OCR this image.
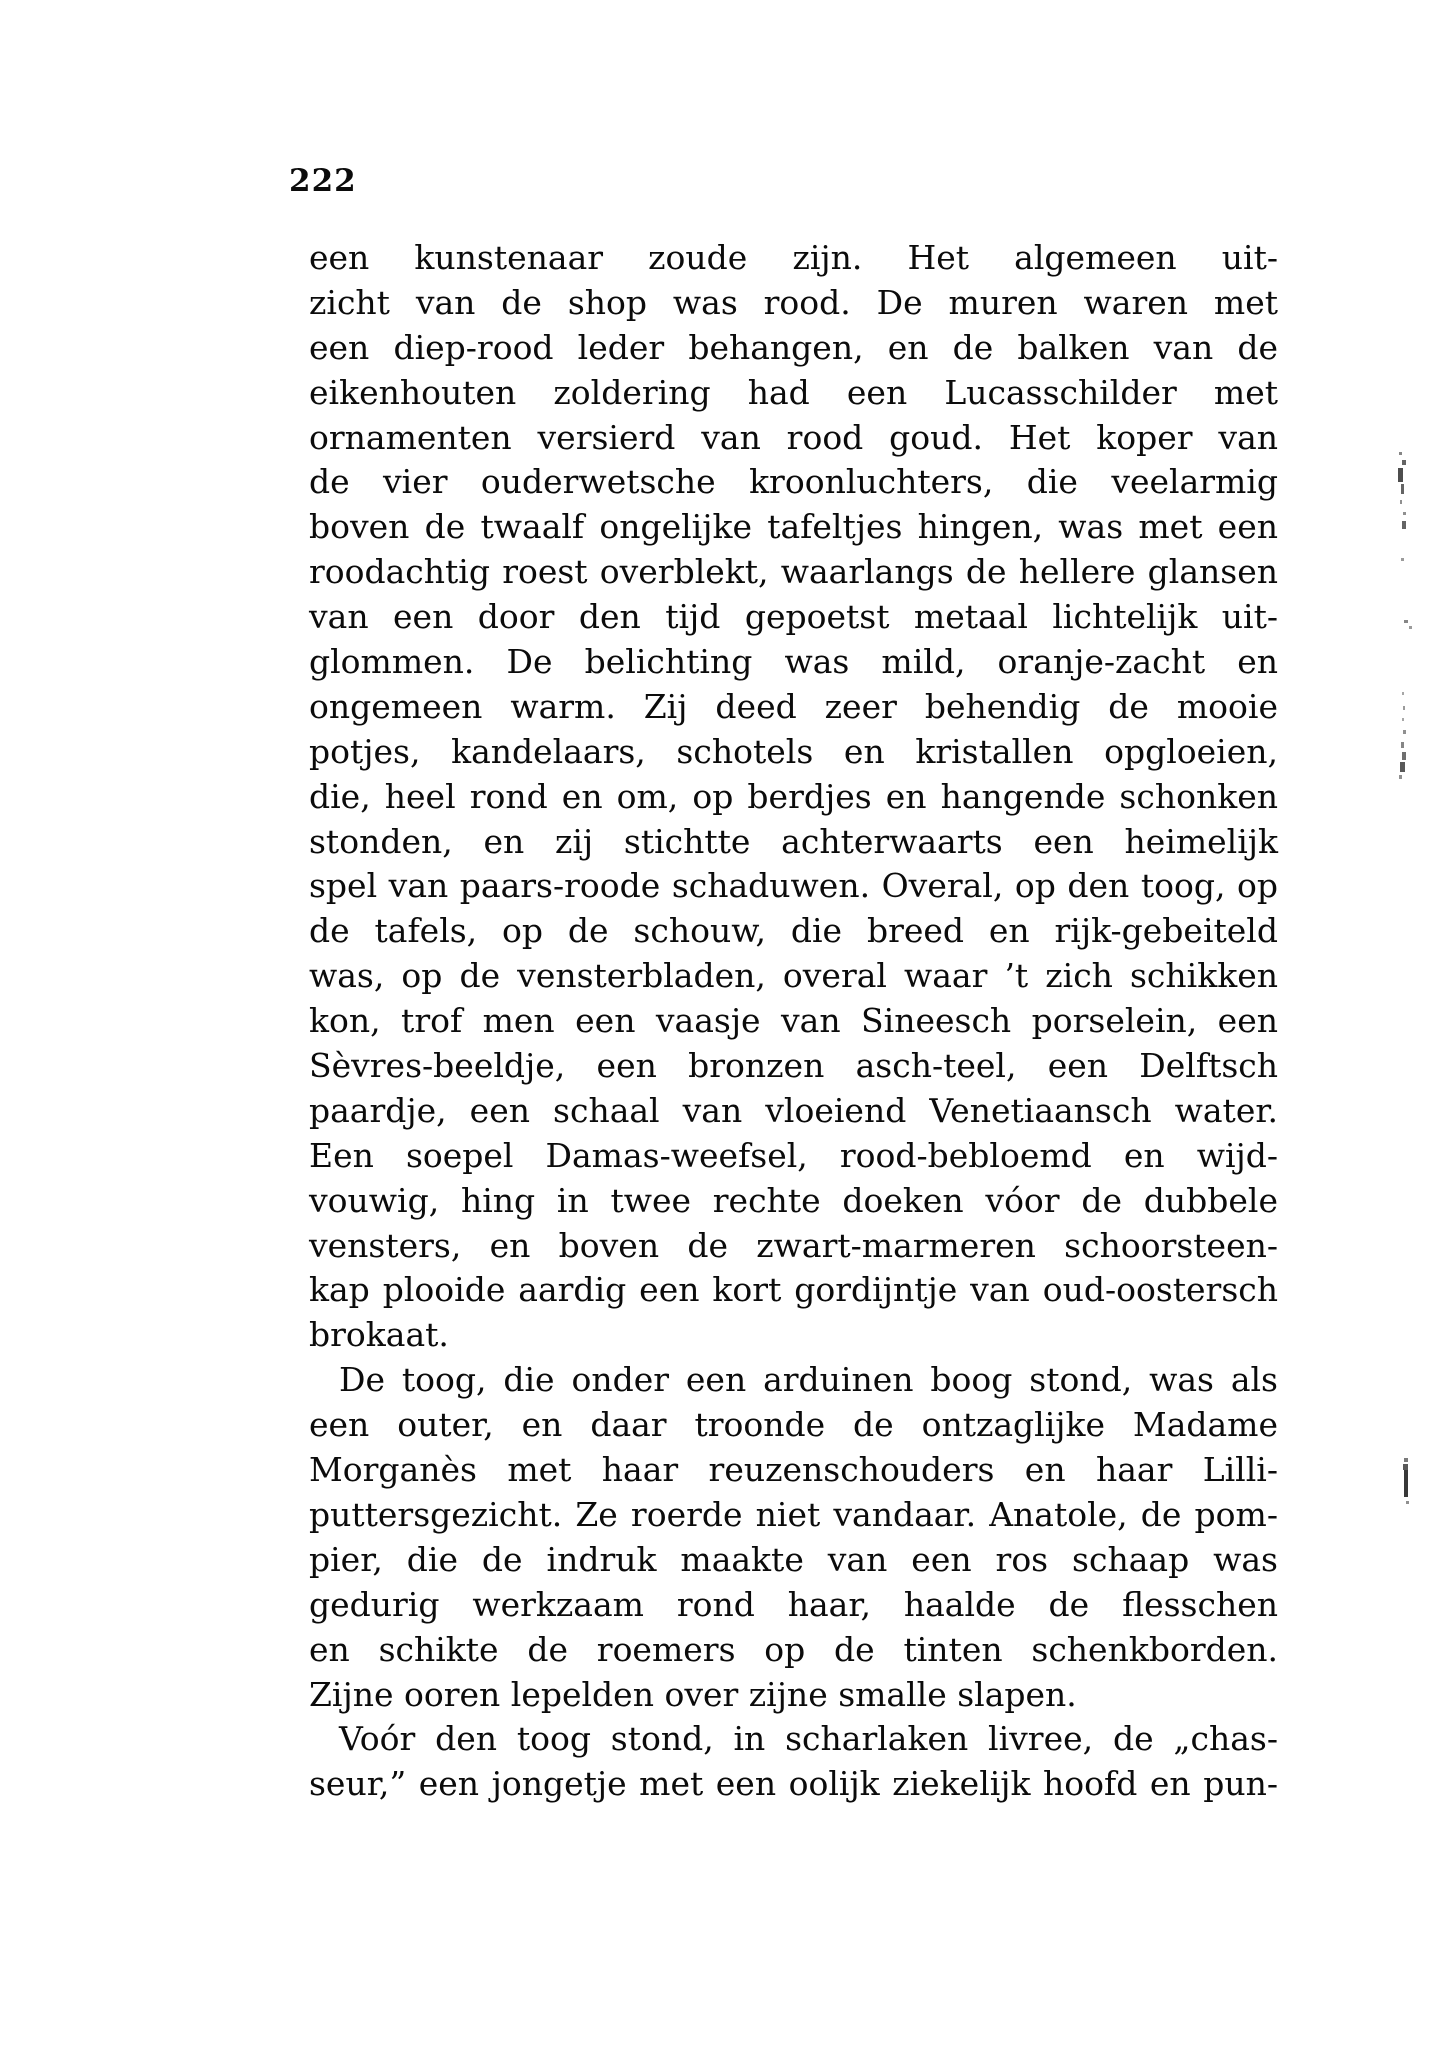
222
een kunstenaar zoude zijn. Het algemeen uit-
zicht van de shop was rood. De muren waren met
een diep-rood leder behangen, en de balken van de
eikenhouten zoldering had een Lucasschilder met
ornamenten versierd van rood goud. Het koper van
de vier ouderwetsche kroonluchters, die veelarmig
boven de twaalf ongelijke tafeltjes hingen, was met een
roodachtig roest overblekt, waarlangs de hellere glansen
van een door den tijd gepoetst metaal lichtelijk uit-
glommen. De belichting was mild, oranje-zacht en
ongemeen warm. Zij deed zeer behendig de mooie
potjes, kandelaars, schotels en kristallen opgloeien,
die, heel rond en om, op berdjes en hangende schonken
stonden, en zij stichtte achterwaarts een heimelijk
spel van paars-roode schaduwen. Overal, op den toog, op
de tafels, op de schouw, die breed en rijk-gebeiteld
was, op de vensterbladen, overal waar ’t zich schikken
kon, trof men een vaasje van Sineesch porselein, een
Sèvres-beeldje, een bronzen asch-teel, een Delftsch
paardje, een schaal van vloeiend Venetiaansch water.
Een soepel Damas-weefsel, rood-bebloemd en wijd-
vouwig, hing in twee rechte doeken vóor de dubbele
vensters, en boven de zwart-marmeren schoorsteen-
kap plooide aardig een kort gordijntje van oud-oostersch
brokaat.
De toog, die onder een arduinen boog stond, was als
een outer, en daar troonde de ontzaglijke Madame
Morganès met haar reuzenschouders en haar Lilli-
puttersgezicht. Ze roerde niet vandaar. Anatole, de pom-
pier, die de indruk maakte van een ros schaap was
gedurig werkzaam rond haar, haalde de flesschen
en schikte de roemers op de tinten schenkborden.
Zijne ooren lepelden over zijne smalle slapen.
Voór den toog stond, in scharlaken livree, de „chas-
seur,” een jongetje met een oolijk ziekelijk hoofd en pun-
